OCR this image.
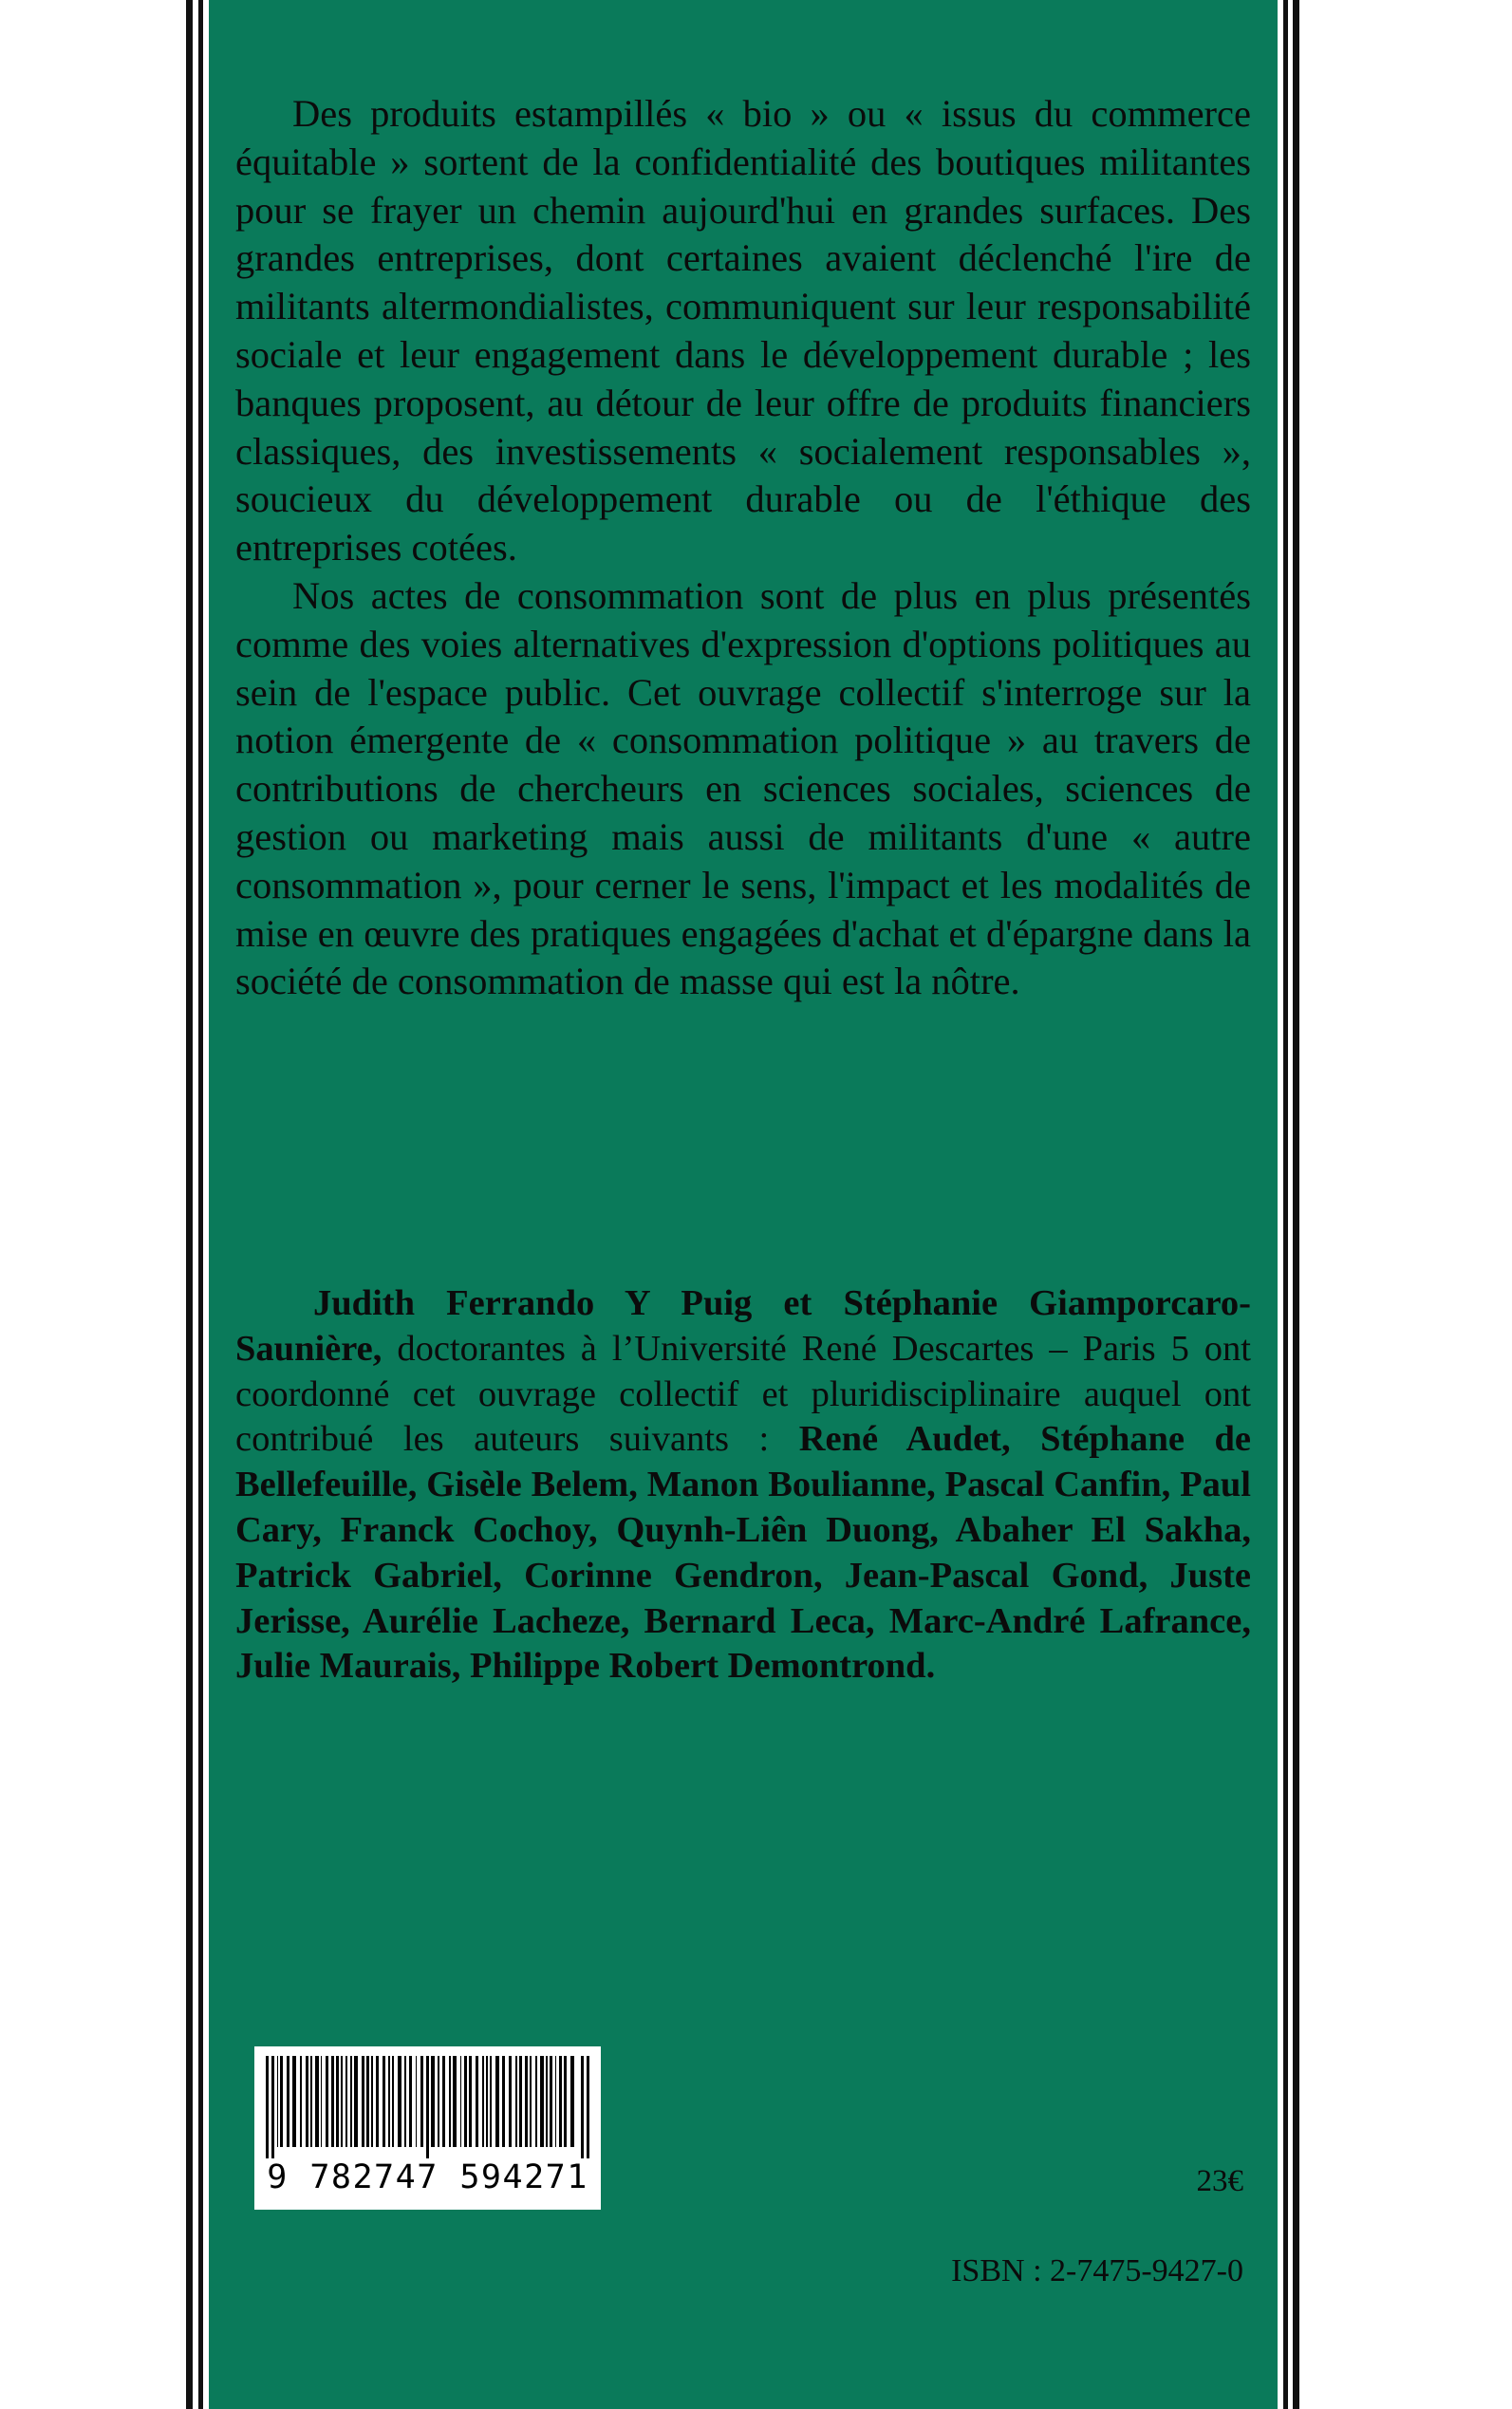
Des produits estampillés « bio » ou « issus du commerce équitable » sortent de la confidentialité des boutiques militantes pour se frayer un chemin aujourd'hui en grandes surfaces. Des grandes entreprises, dont certaines avaient déclenché l'ire de militants altermondialistes, communiquent sur leur responsabilité sociale et leur engagement dans le développement durable ; les banques proposent, au détour de leur offre de produits financiers classiques, des investissements « socialement responsables », soucieux du développement durable ou de l'éthique des entreprises cotées.

Nos actes de consommation sont de plus en plus présentés comme des voies alternatives d'expression d'options politiques au sein de l'espace public. Cet ouvrage collectif s'interroge sur la notion émergente de « consommation politique » au travers de contributions de chercheurs en sciences sociales, sciences de gestion ou marketing mais aussi de militants d'une « autre consommation », pour cerner le sens, l'impact et les modalités de mise en œuvre des pratiques engagées d'achat et d'épargne dans la société de consommation de masse qui est la nôtre.

Judith Ferrando Y Puig et Stéphanie Giamporcaro-Saunière, doctorantes à l’Université René Descartes – Paris 5 ont coordonné cet ouvrage collectif et pluridisciplinaire auquel ont contribué les auteurs suivants : René Audet, Stéphane de Bellefeuille, Gisèle Belem, Manon Boulianne, Pascal Canfin, Paul Cary, Franck Cochoy, Quynh-Liên Duong, Abaher El Sakha, Patrick Gabriel, Corinne Gendron, Jean-Pascal Gond, Juste Jerisse, Aurélie Lacheze, Bernard Leca, Marc-André Lafrance, Julie Maurais, Philippe Robert Demontrond.

9 782747 594271	23€
ISBN : 2-7475-9427-0
